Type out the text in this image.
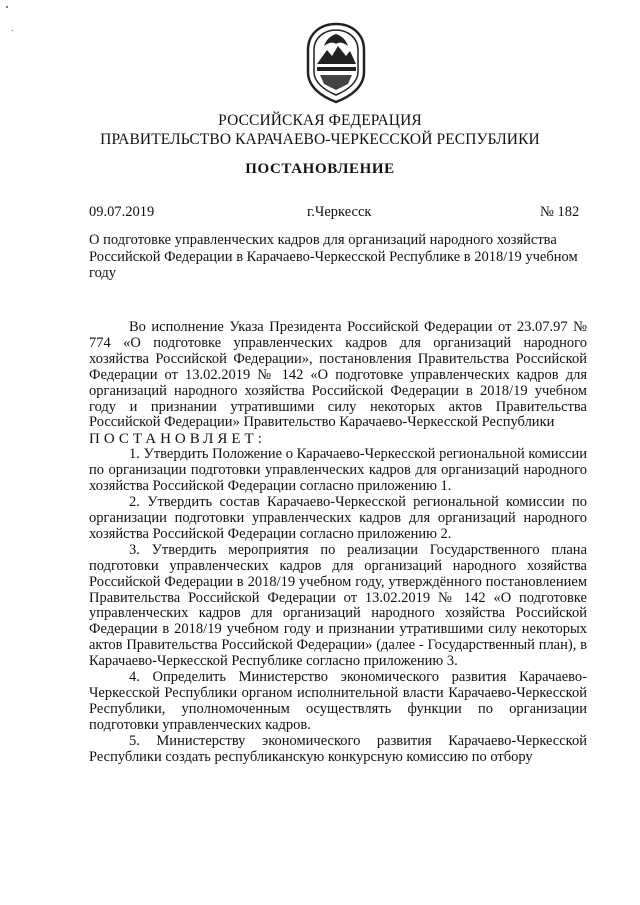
РОССИЙСКАЯ ФЕДЕРАЦИЯ
ПРАВИТЕЛЬСТВО КАРАЧАЕВО-ЧЕРКЕССКОЙ РЕСПУБЛИКИ
ПОСТАНОВЛЕНИЕ
09.07.2019	г.Черкесск	№ 182
О подготовке управленческих кадров для организаций народного хозяйства Российской Федерации в Карачаево-Черкесской Республике в 2018/19 учебном году

Во исполнение Указа Президента Российской Федерации от 23.07.97 № 774 «О подготовке управленческих кадров для организаций народного хозяйства Российской Федерации», постановления Правительства Российской Федерации от 13.02.2019 № 142 «О подготовке управленческих кадров для организаций народного хозяйства Российской Федерации в 2018/19 учебном году и признании утратившими силу некоторых актов Правительства Российской Федерации» Правительство Карачаево-Черкесской Республики

ПОСТАНОВЛЯЕТ:

1. Утвердить Положение о Карачаево-Черкесской региональной комиссии по организации подготовки управленческих кадров для организаций народного хозяйства Российской Федерации согласно приложению 1.

2. Утвердить состав Карачаево-Черкесской региональной комиссии по организации подготовки управленческих кадров для организаций народного хозяйства Российской Федерации согласно приложению 2.

3. Утвердить мероприятия по реализации Государственного плана подготовки управленческих кадров для организаций народного хозяйства Российской Федерации в 2018/19 учебном году, утверждённого постановлением Правительства Российской Федерации от 13.02.2019 № 142 «О подготовке управленческих кадров для организаций народного хозяйства Российской Федерации в 2018/19 учебном году и признании утратившими силу некоторых актов Правительства Российской Федерации» (далее - Государственный план), в Карачаево-Черкесской Республике согласно приложению 3.

4. Определить Министерство экономического развития Карачаево-Черкесской Республики органом исполнительной власти Карачаево-Черкесской Республики, уполномоченным осуществлять функции по организации подготовки управленческих кадров.

5. Министерству экономического развития Карачаево-Черкесской Республики создать республиканскую конкурсную комиссию по отбору
